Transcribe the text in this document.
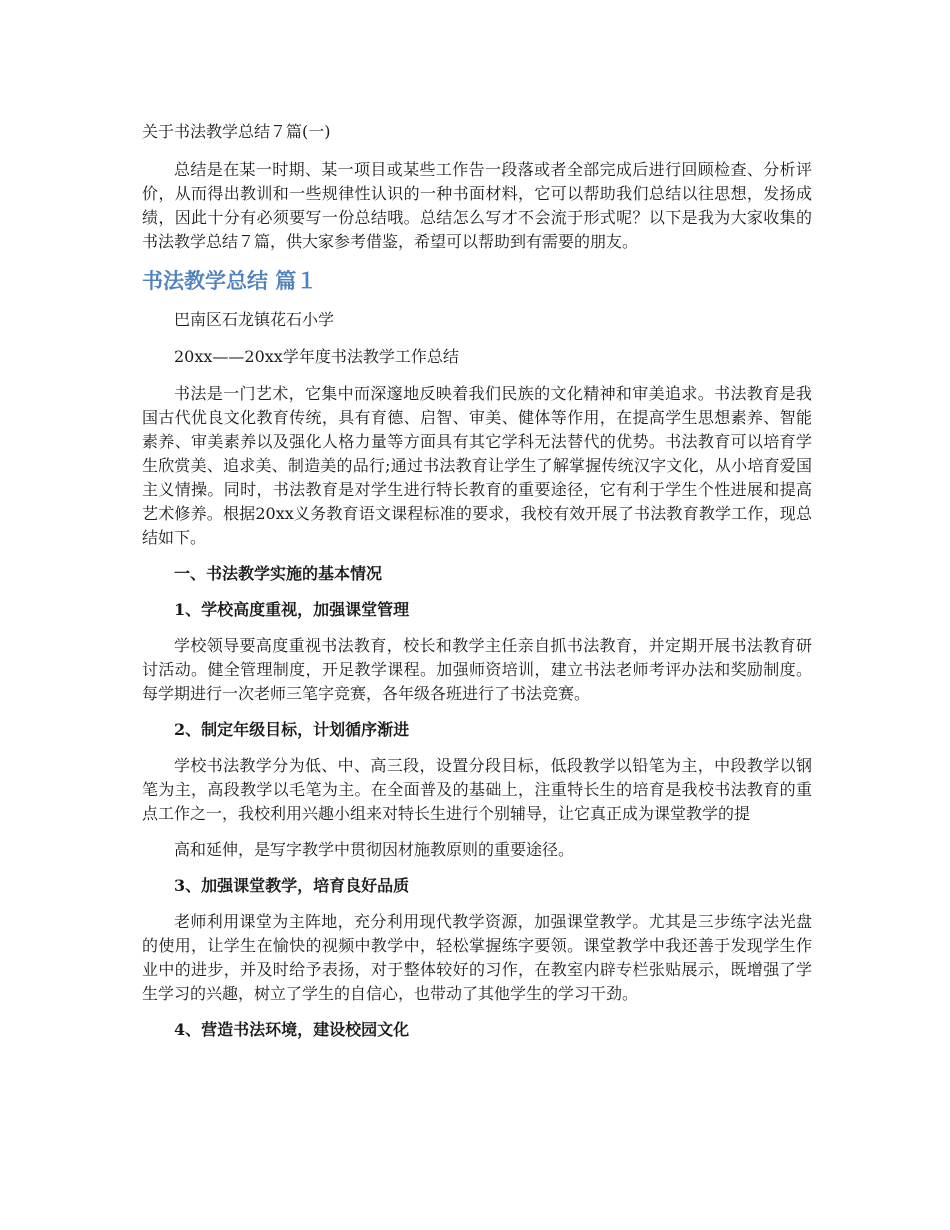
关于书法教学总结７篇(一)

总结是在某一时期、某一项目或某些工作告一段落或者全部完成后进行回顾检查、分析评价，从而得出教训和一些规律性认识的一种书面材料，它可以帮助我们总结以往思想，发扬成绩，因此十分有必须要写一份总结哦。总结怎么写才不会流于形式呢？以下是我为大家收集的书法教学总结７篇，供大家参考借鉴，希望可以帮助到有需要的朋友。

书法教学总结 篇１

巴南区石龙镇花石小学

20xx——20xx学年度书法教学工作总结

书法是一门艺术，它集中而深邃地反映着我们民族的文化精神和审美追求。书法教育是我国古代优良文化教育传统，具有育德、启智、审美、健体等作用，在提高学生思想素养、智能素养、审美素养以及强化人格力量等方面具有其它学科无法替代的优势。书法教育可以培育学生欣赏美、追求美、制造美的品行;通过书法教育让学生了解掌握传统汉字文化，从小培育爱国主义情操。同时，书法教育是对学生进行特长教育的重要途径，它有利于学生个性进展和提高艺术修养。根据20xx义务教育语文课程标准的要求，我校有效开展了书法教育教学工作，现总结如下。

一、书法教学实施的基本情况
1、学校高度重视，加强课堂管理

学校领导要高度重视书法教育，校长和教学主任亲自抓书法教育，并定期开展书法教育研讨活动。健全管理制度，开足教学课程。加强师资培训，建立书法老师考评办法和奖励制度。每学期进行一次老师三笔字竞赛，各年级各班进行了书法竞赛。

2、制定年级目标，计划循序渐进

学校书法教学分为低、中、高三段，设置分段目标，低段教学以铅笔为主，中段教学以钢笔为主，高段教学以毛笔为主。在全面普及的基础上，注重特长生的培育是我校书法教育的重点工作之一，我校利用兴趣小组来对特长生进行个别辅导，让它真正成为课堂教学的提

高和延伸，是写字教学中贯彻因材施教原则的重要途径。

3、加强课堂教学，培育良好品质

老师利用课堂为主阵地，充分利用现代教学资源，加强课堂教学。尤其是三步练字法光盘的使用，让学生在愉快的视频中教学中，轻松掌握练字要领。课堂教学中我还善于发现学生作业中的进步，并及时给予表扬，对于整体较好的习作，在教室内辟专栏张贴展示，既增强了学生学习的兴趣，树立了学生的自信心，也带动了其他学生的学习干劲。

4、营造书法环境，建设校园文化
